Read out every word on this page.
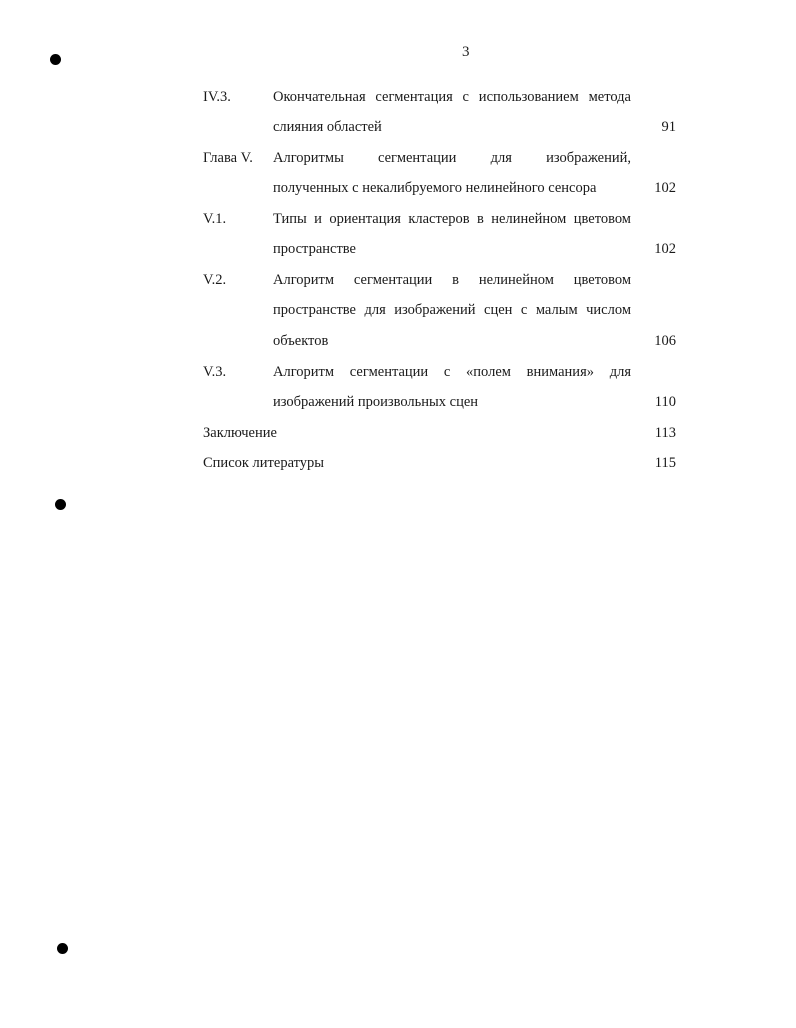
3
IV.3.	Окончательная сегментация с использованием метода
слияния областей	91
Глава V. Алгоритмы сегментации для изображений,
полученных с некалибруемого нелинейного сенсора	102
V.1.	Типы и ориентация кластеров в нелинейном цветовом
пространстве	102
V.2.	Алгоритм сегментации в нелинейном цветовом
пространстве для изображений сцен с малым числом
объектов	106
V.3.	Алгоритм сегментации с «полем внимания» для
изображений произвольных сцен	110
Заключение	113
Список литературы	115
